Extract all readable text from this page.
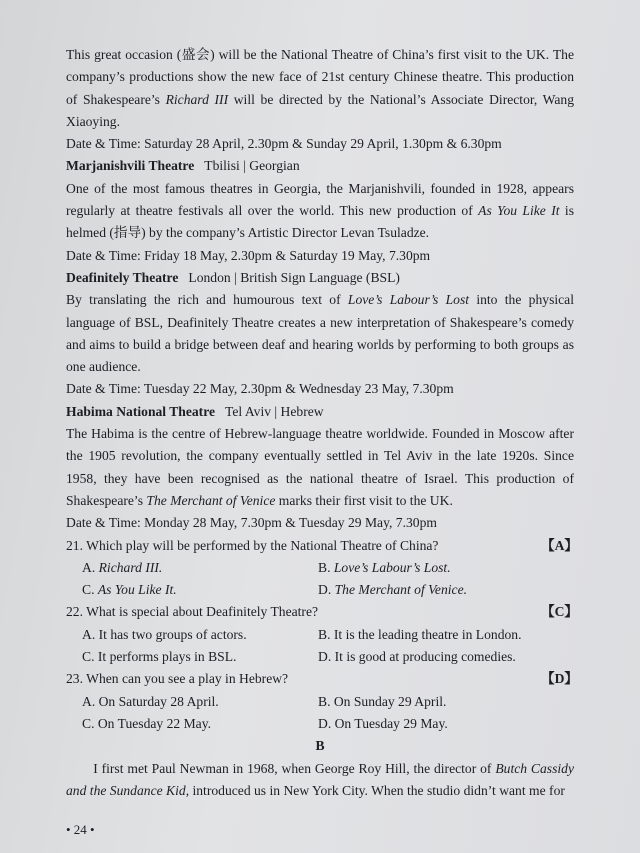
This great occasion (盛会) will be the National Theatre of China’s first visit to the UK. The company’s productions show the new face of 21st century Chinese theatre. This production of Shakespeare’s Richard III will be directed by the National’s Associate Director, Wang Xiaoying.

Date & Time: Saturday 28 April, 2.30pm & Sunday 29 April, 1.30pm & 6.30pm

Marjanishvili Theatre Tbilisi | Georgian

One of the most famous theatres in Georgia, the Marjanishvili, founded in 1928, appears regularly at theatre festivals all over the world. This new production of As You Like It is helmed (指导) by the company’s Artistic Director Levan Tsuladze.

Date & Time: Friday 18 May, 2.30pm & Saturday 19 May, 7.30pm

Deafinitely Theatre London | British Sign Language (BSL)

By translating the rich and humourous text of Love’s Labour’s Lost into the physical language of BSL, Deafinitely Theatre creates a new interpretation of Shakespeare’s comedy and aims to build a bridge between deaf and hearing worlds by performing to both groups as one audience.

Date & Time: Tuesday 22 May, 2.30pm & Wednesday 23 May, 7.30pm

Habima National Theatre Tel Aviv | Hebrew

The Habima is the centre of Hebrew-language theatre worldwide. Founded in Moscow after the 1905 revolution, the company eventually settled in Tel Aviv in the late 1920s. Since 1958, they have been recognised as the national theatre of Israel. This production of Shakespeare’s The Merchant of Venice marks their first visit to the UK.

Date & Time: Monday 28 May, 7.30pm & Tuesday 29 May, 7.30pm

21. Which play will be performed by the National Theatre of China?	【A】
A. Richard III.	B. Love’s Labour’s Lost.
C. As You Like It.	D. The Merchant of Venice.
22. What is special about Deafinitely Theatre?	【C】
A. It has two groups of actors.	B. It is the leading theatre in London.
C. It performs plays in BSL.	D. It is good at producing comedies.
23. When can you see a play in Hebrew?	【D】
A. On Saturday 28 April.	B. On Sunday 29 April.
C. On Tuesday 22 May.	D. On Tuesday 29 May.

B

I first met Paul Newman in 1968, when George Roy Hill, the director of Butch Cassidy and the Sundance Kid, introduced us in New York City. When the studio didn’t want me for

• 24 •
